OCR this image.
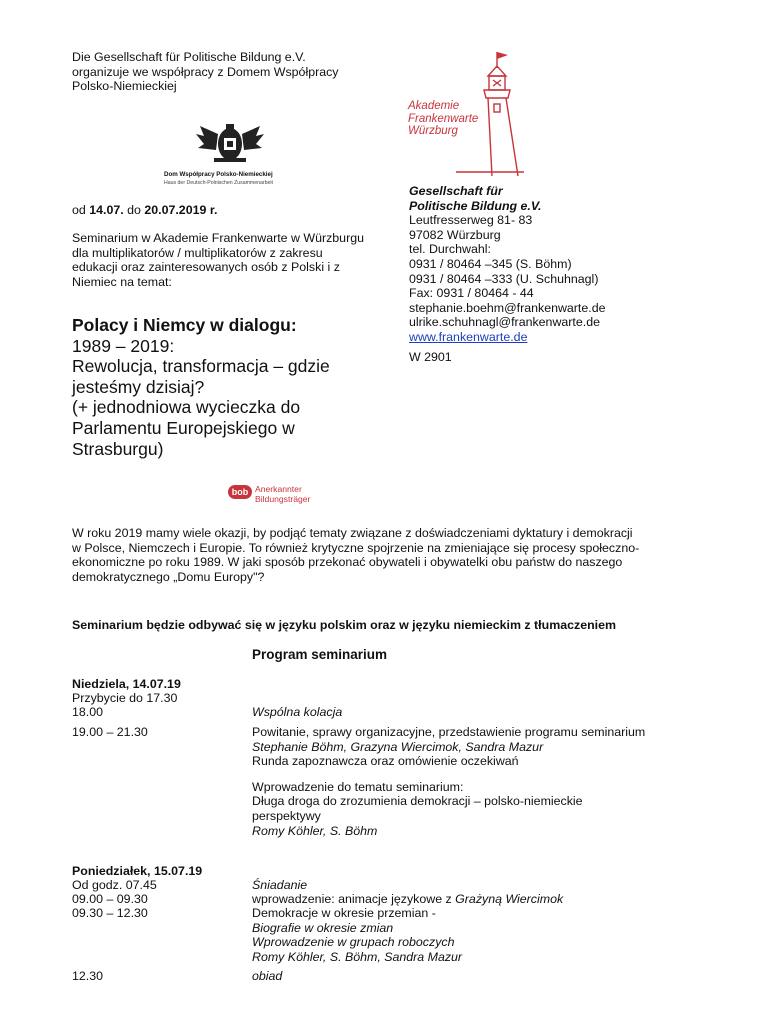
Die Gesellschaft für Politische Bildung e.V.
organizuje we współpracy z Domem Współpracy
Polsko-Niemieckiej
Dom Współpracy Polsko-Niemieckiej
Haus der Deutsch-Polnischen Zusammenarbeit
Akademie
Frankenwarte
Würzburg
od 14.07. do 20.07.2019 r.
Seminarium w Akademie Frankenwarte w Würzburgu
dla multiplikatorów / multiplikatorów z zakresu
edukacji oraz zainteresowanych osób z Polski i z
Niemiec na temat:
Polacy i Niemcy w dialogu:
1989 – 2019:
Rewolucja, transformacja – gdzie
jesteśmy dzisiaj?
(+ jednodniowa wycieczka do
Parlamentu Europejskiego w
Strasburgu)
Gesellschaft für
Politische Bildung e.V.
Leutfresserweg 81- 83
97082 Würzburg
tel. Durchwahl:
0931 / 80464 –345 (S. Böhm)
0931 / 80464 –333 (U. Schuhnagl)
Fax: 0931 / 80464 - 44
stephanie.boehm@frankenwarte.de
ulrike.schuhnagl@frankenwarte.de
www.frankenwarte.de
W 2901
bob Anerkannter
Bildungsträger
W roku 2019 mamy wiele okazji, by podjąć tematy związane z doświadczeniami dyktatury i demokracji
w Polsce, Niemczech i Europie. To również krytyczne spojrzenie na zmieniające się procesy społeczno-
ekonomiczne po roku 1989. W jaki sposób przekonać obywateli i obywatelki obu państw do naszego
demokratycznego „Domu Europy"?
Seminarium będzie odbywać się w języku polskim oraz w języku niemieckim z tłumaczeniem
Program seminarium
Niedziela, 14.07.19
Przybycie do 17.30
18.00	Wspólna kolacja
19.00 – 21.30	Powitanie, sprawy organizacyjne, przedstawienie programu seminarium
Stephanie Böhm, Grazyna Wiercimok, Sandra Mazur
Runda zapoznawcza oraz omówienie oczekiwań
Wprowadzenie do tematu seminarium:
Długa droga do zrozumienia demokracji – polsko-niemieckie
perspektywy
Romy Köhler, S. Böhm
Poniedziałek, 15.07.19
Od godz. 07.45	Śniadanie
09.00 – 09.30	wprowadzenie: animacje językowe z Grażyną Wiercimok
09.30 – 12.30	Demokracje w okresie przemian -
Biografie w okresie zmian
Wprowadzenie w grupach roboczych
Romy Köhler, S. Böhm, Sandra Mazur
12.30	obiad
